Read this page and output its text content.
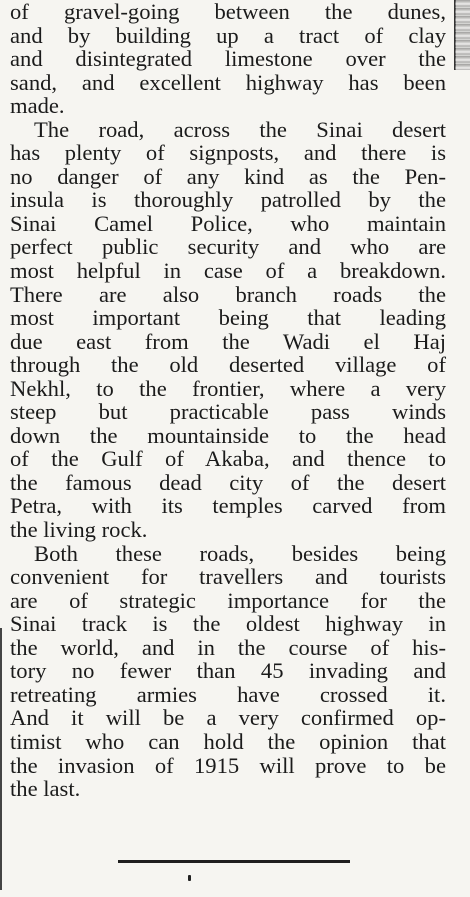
of gravel-going between the dunes,
and by building up a tract of clay
and disintegrated limestone over the
sand, and excellent highway has been
made.
The road, across the Sinai desert
has plenty of signposts, and there is
no danger of any kind as the Pen-
insula is thoroughly patrolled by the
Sinai Camel Police, who maintain
perfect public security and who are
most helpful in case of a breakdown.
There are also branch roads the
most important being that leading
due east from the Wadi el Haj
through the old deserted village of
Nekhl, to the frontier, where a very
steep but practicable pass winds
down the mountainside to the head
of the Gulf of Akaba, and thence to
the famous dead city of the desert
Petra, with its temples carved from
the living rock.
Both these roads, besides being
convenient for travellers and tourists
are of strategic importance for the
Sinai track is the oldest highway in
the world, and in the course of his-
tory no fewer than 45 invading and
retreating armies have crossed it.
And it will be a very confirmed op-
timist who can hold the opinion that
the invasion of 1915 will prove to be
the last.
